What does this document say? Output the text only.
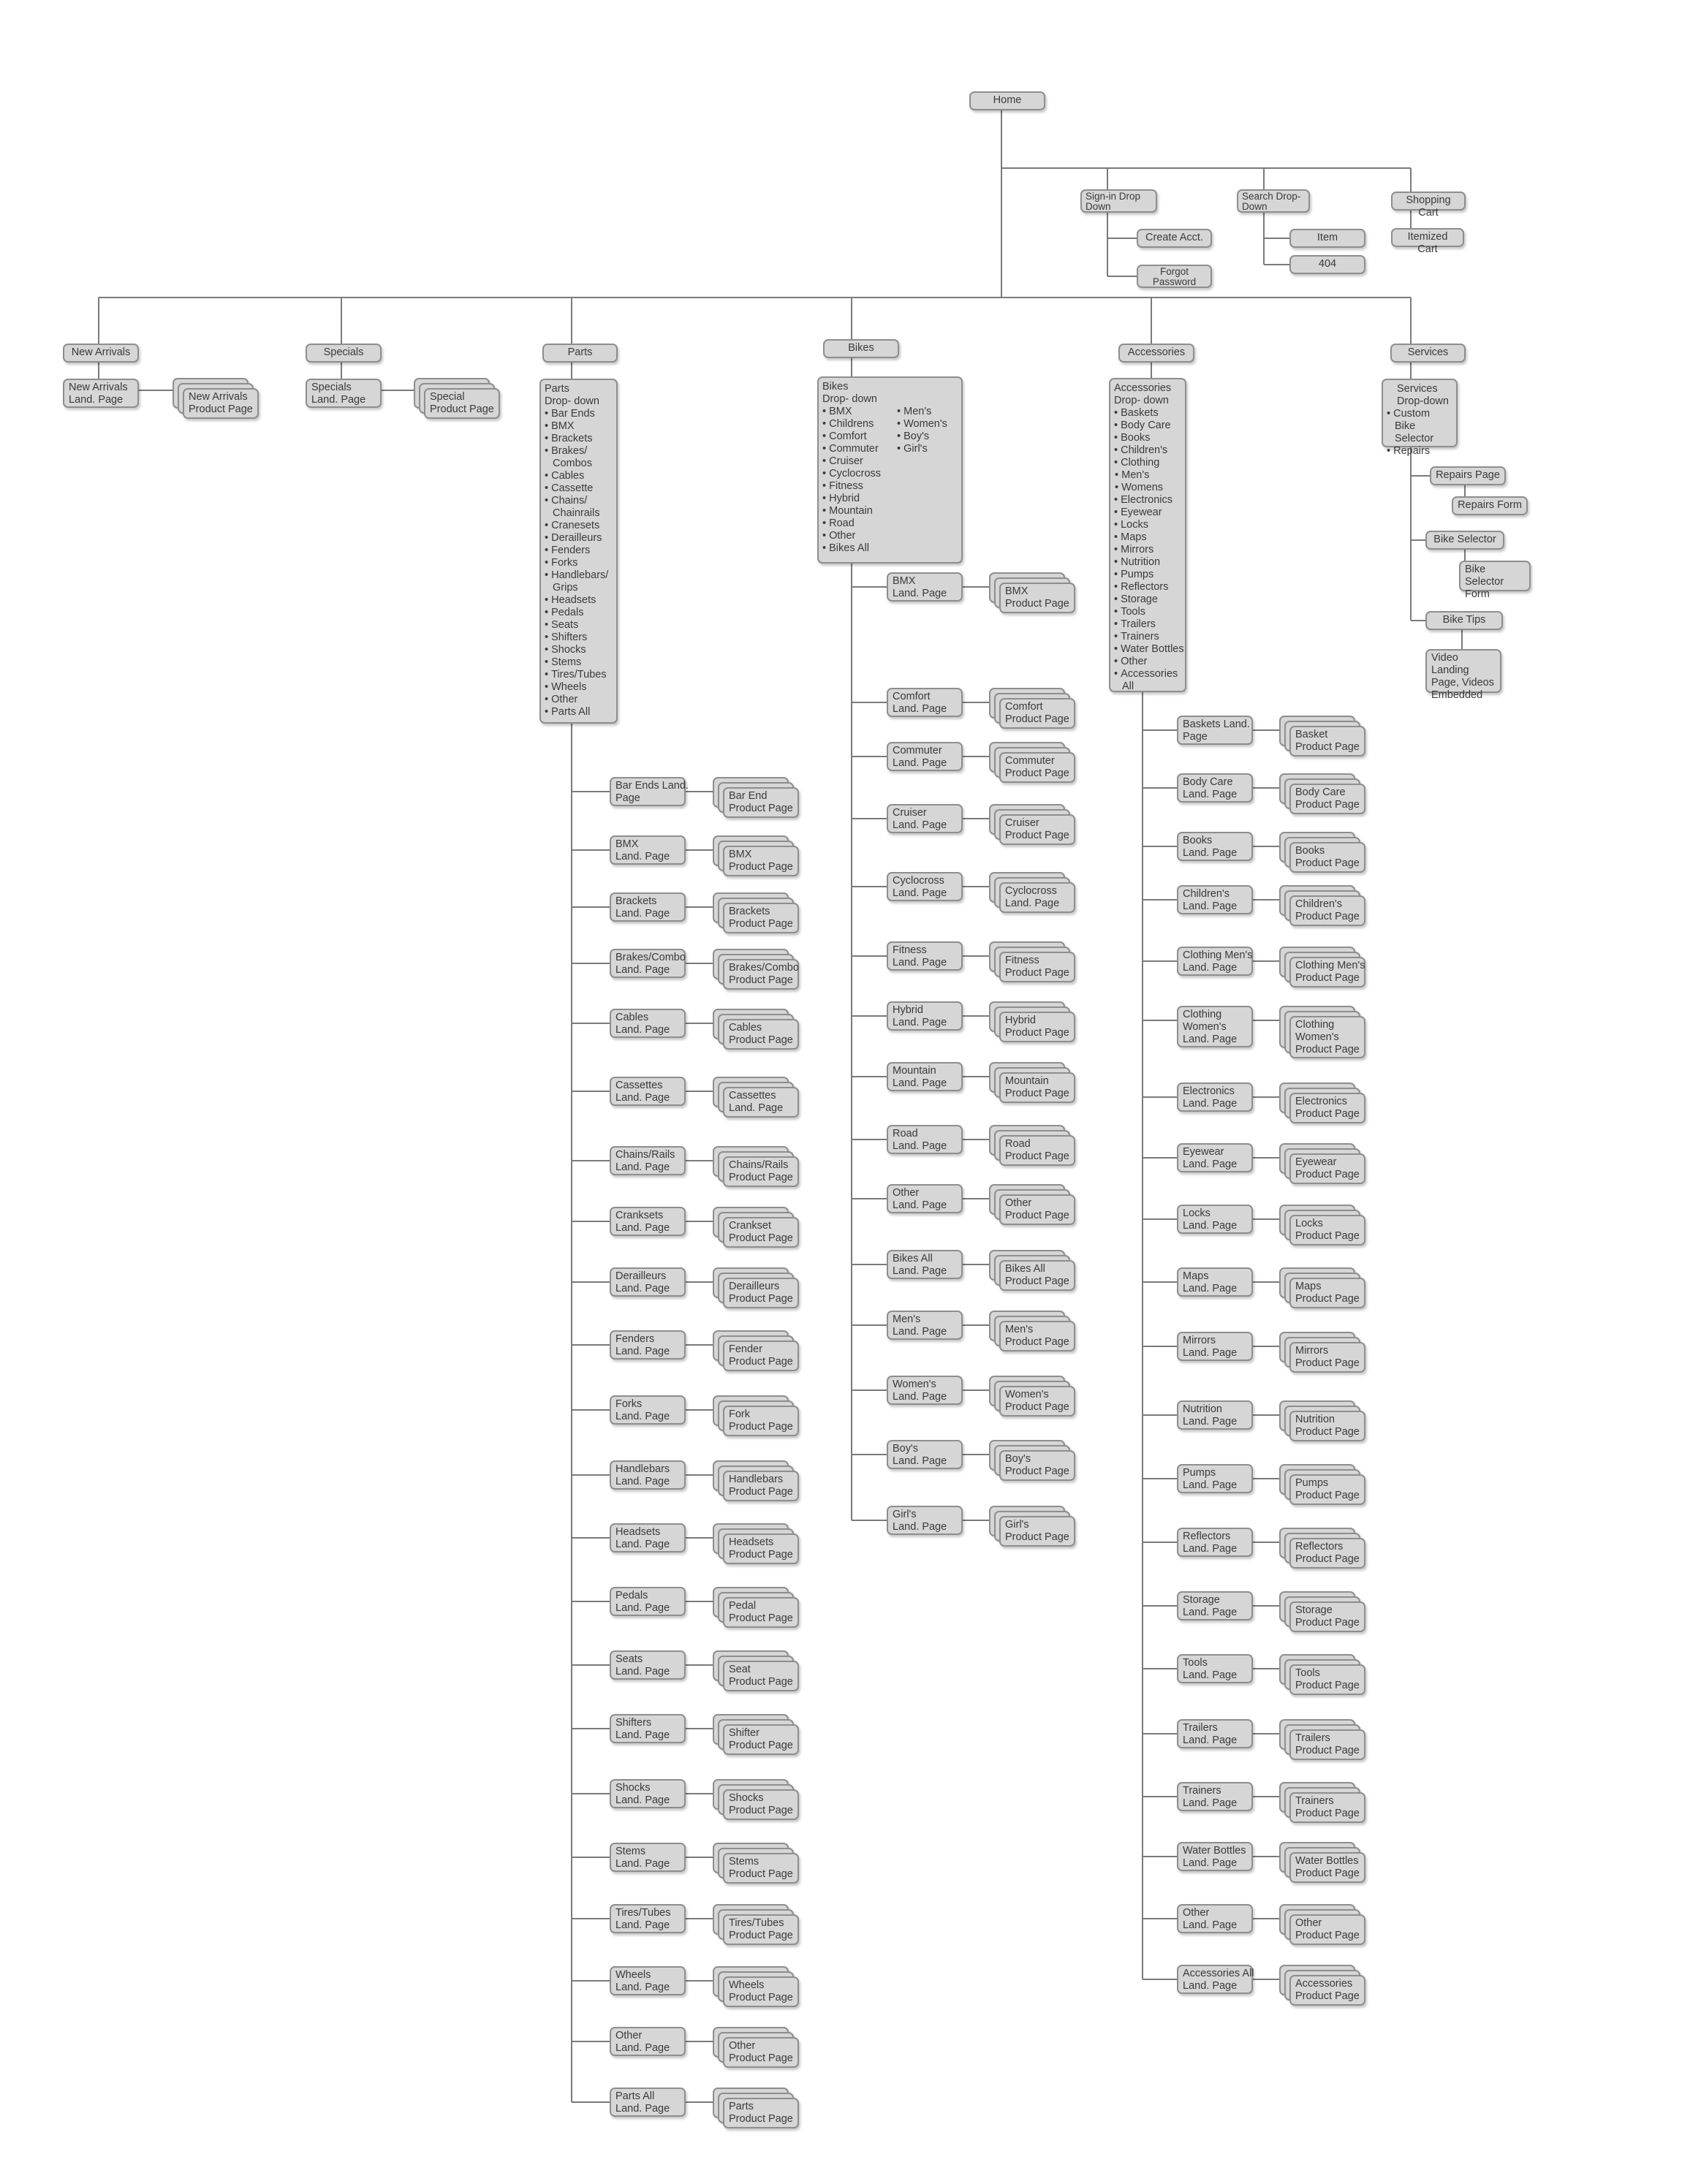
Home
Sign-in Drop Down
Create Acct.
Forgot Password
Search Drop-Down
Item
404
Shopping Cart
Itemized Cart
New Arrivals	Specials	Parts	Bikes	Accessories	Services
New Arrivals
Land. Page
Specials
Land. Page
Parts
Drop- down
• Bar Ends
• BMX
• Brackets
• Brakes/
Combos
• Cables
• Cassette
• Chains/
Chainrails
• Cranesets
• Derailleurs
• Fenders
• Forks
• Handlebars/
Grips
• Headsets
• Pedals
• Seats
• Shifters
• Shocks
• Stems
• Tires/Tubes
• Wheels
• Other
• Parts All
Bikes
Drop- down
• BMX
• Childrens
• Comfort
• Commuter
• Cruiser
• Cyclocross
• Fitness
• Hybrid
• Mountain
• Road
• Other
• Bikes All
• Men's
• Women's
• Boy's
• Girl's
Accessories
Drop- down
• Baskets
• Body Care
• Books
• Children's
• Clothing
• Men's
• Womens
• Electronics
• Eyewear
• Locks
• Maps
• Mirrors
• Nutrition
• Pumps
• Reflectors
• Storage
• Tools
• Trailers
• Trainers
• Water Bottles
• Other
• Accessories All
Services
Drop-down
• Custom Bike Selector
• Repairs
Repairs Page
Repairs Form
Bike Selector
Bike Selector Form
Bike Tips
Video Landing Page, Videos Embedded
New Arrivals
Product Page
Special
Product Page
Bar Ends Land.
Page	Bar End
Product Page
BMX
Land. Page	BMX
Product Page
Brackets
Land. Page	Brackets
Product Page
Brakes/Combo
Land. Page	Brakes/Combo
Product Page
Cables
Land. Page	Cables
Product Page
Cassettes
Land. Page	Cassettes
Land. Page
Chains/Rails
Land. Page	Chains/Rails
Product Page
Cranksets
Land. Page	Crankset
Product Page
Derailleurs
Land. Page	Derailleurs
Product Page
Fenders
Land. Page	Fender
Product Page
Forks
Land. Page	Fork
Product Page
Handlebars
Land. Page	Handlebars
Product Page
Headsets
Land. Page	Headsets
Product Page
Pedals
Land. Page	Pedal
Product Page
Seats
Land. Page	Seat
Product Page
Shifters
Land. Page	Shifter
Product Page
Shocks
Land. Page	Shocks
Product Page
Stems
Land. Page	Stems
Product Page
Tires/Tubes
Land. Page	Tires/Tubes
Product Page
Wheels
Land. Page	Wheels
Product Page
Other
Land. Page	Other
Product Page
Parts All
Land. Page	Parts
Product Page
BMX
Land. Page	BMX
Product Page
Comfort
Land. Page	Comfort
Product Page
Commuter
Land. Page	Commuter
Product Page
Cruiser
Land. Page	Cruiser
Product Page
Cyclocross
Land. Page	Cyclocross
Land. Page
Fitness
Land. Page	Fitness
Product Page
Hybrid
Land. Page	Hybrid
Product Page
Mountain
Land. Page	Mountain
Product Page
Road
Land. Page	Road
Product Page
Other
Land. Page	Other
Product Page
Bikes All
Land. Page	Bikes All
Product Page
Men's
Land. Page	Men's
Product Page
Women's
Land. Page	Women's
Product Page
Boy's
Land. Page	Boy's
Product Page
Girl's
Land. Page	Girl's
Product Page
Baskets Land.
Page	Basket
Product Page
Body Care
Land. Page	Body Care
Product Page
Books
Land. Page	Books
Product Page
Children's
Land. Page	Children's
Product Page
Clothing Men's
Land. Page	Clothing Men's
Product Page
Clothing
Women's
Land. Page
Clothing
Women's
Product Page
Electronics
Land. Page	Electronics
Product Page
Eyewear
Land. Page	Eyewear
Product Page
Locks
Land. Page	Locks
Product Page
Maps
Land. Page	Maps
Product Page
Mirrors
Land. Page	Mirrors
Product Page
Nutrition
Land. Page	Nutrition
Product Page
Pumps
Land. Page	Pumps
Product Page
Reflectors
Land. Page	Reflectors
Product Page
Storage
Land. Page	Storage
Product Page
Tools
Land. Page	Tools
Product Page
Trailers
Land. Page	Trailers
Product Page
Trainers
Land. Page	Trainers
Product Page
Water Bottles
Land. Page	Water Bottles
Product Page
Other
Land. Page	Other
Product Page
Accessories All
Land. Page	Accessories
Product Page
